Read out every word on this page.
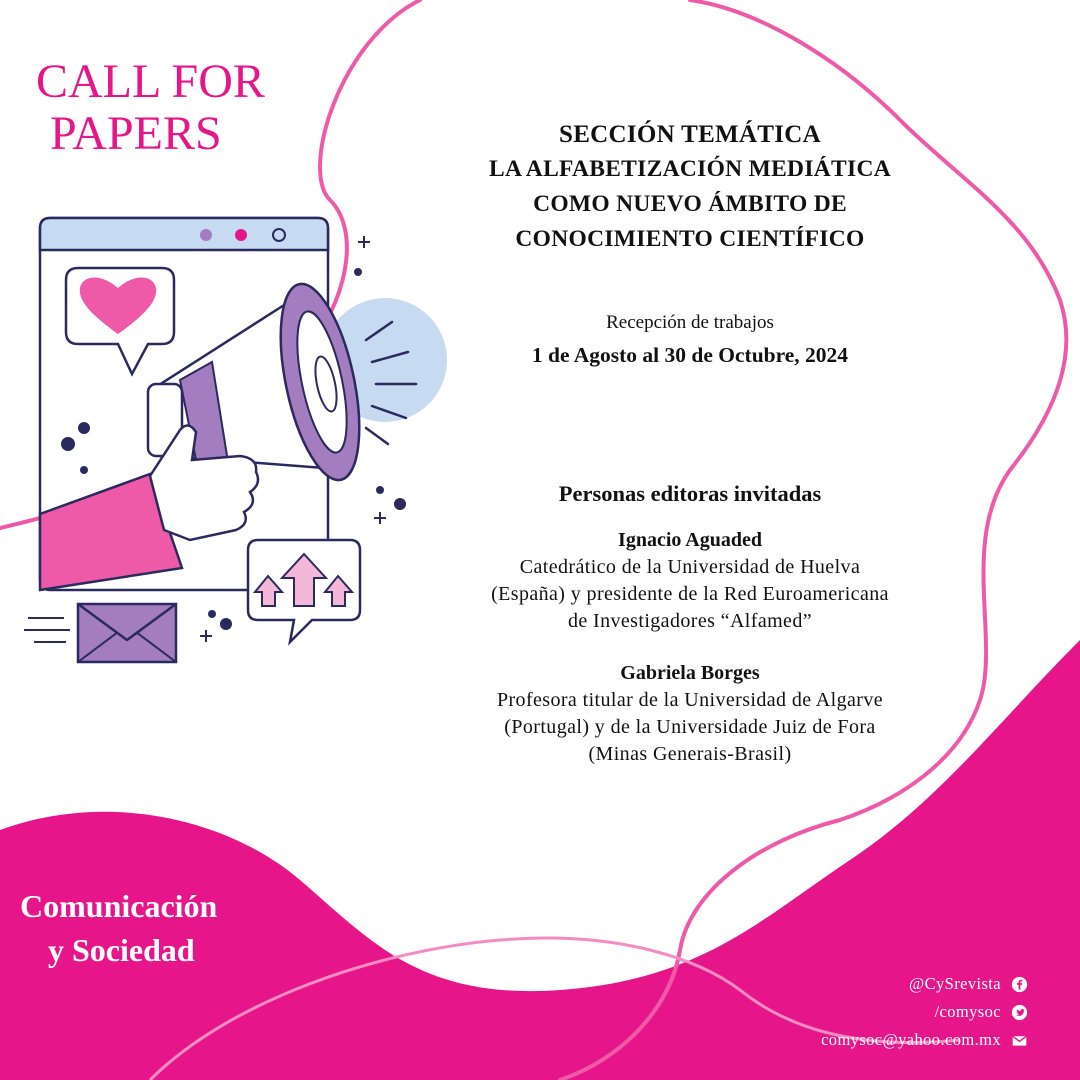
CALL FOR
PAPERS	SECCIÓN TEMÁTICA
LA ALFABETIZACIÓN MEDIÁTICA
COMO NUEVO ÁMBITO DE
CONOCIMIENTO CIENTÍFICO
Recepción de trabajos
1 de Agosto al 30 de Octubre, 2024
Personas editoras invitadas
Ignacio Aguaded
Catedrático de la Universidad de Huelva
(España) y presidente de la Red Euroamericana
de Investigadores “Alfamed”
Gabriela Borges
Profesora titular de la Universidad de Algarve
(Portugal) y de la Universidade Juiz de Fora
(Minas Generais-Brasil)
Comunicación
y Sociedad
@CySrevista
/comysoc
comysoc@yahoo.com.mx
